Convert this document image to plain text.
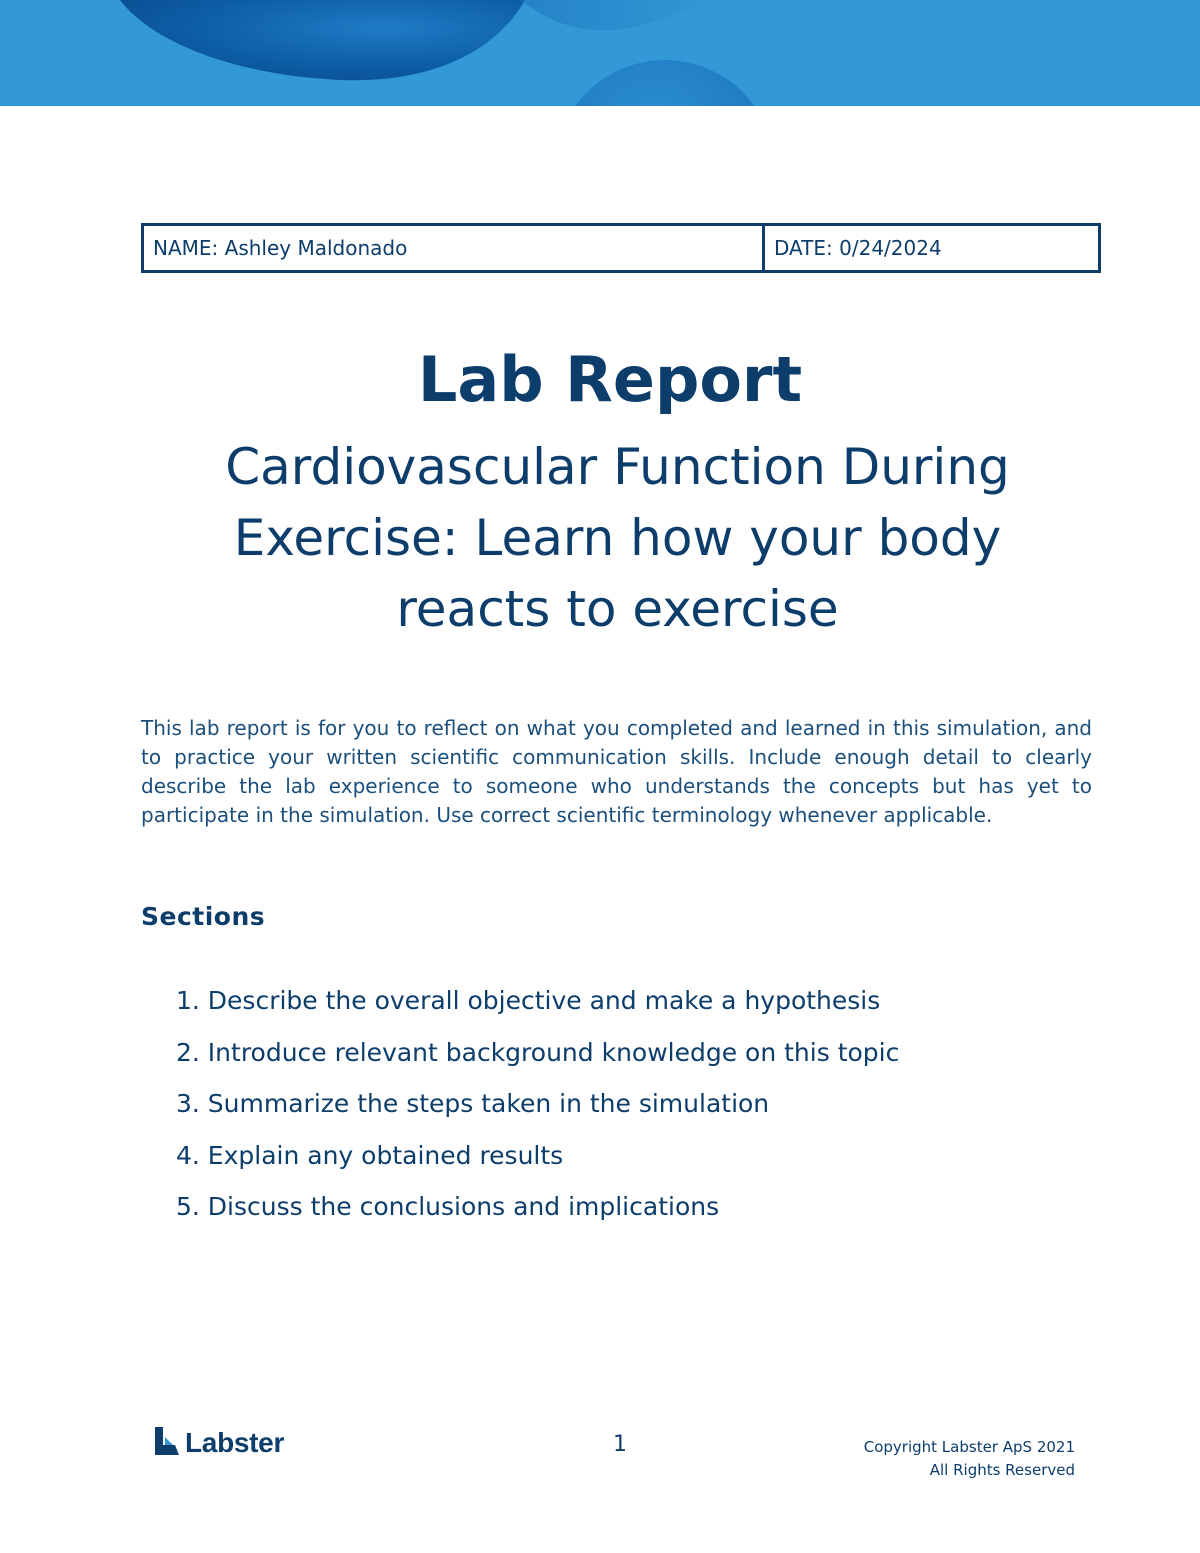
NAME: Ashley Maldonado	DATE: 0/24/2024
Lab Report
Cardiovascular Function During Exercise: Learn how your body reacts to exercise

This lab report is for you to reflect on what you completed and learned in this simulation, and to practice your written scientific communication skills. Include enough detail to clearly describe the lab experience to someone who understands the concepts but has yet to participate in the simulation. Use correct scientific terminology whenever applicable.

Sections
1. Describe the overall objective and make a hypothesis
2. Introduce relevant background knowledge on this topic
3. Summarize the steps taken in the simulation
4. Explain any obtained results
5. Discuss the conclusions and implications
Labster	1	Copyright Labster ApS 2021
All Rights Reserved
